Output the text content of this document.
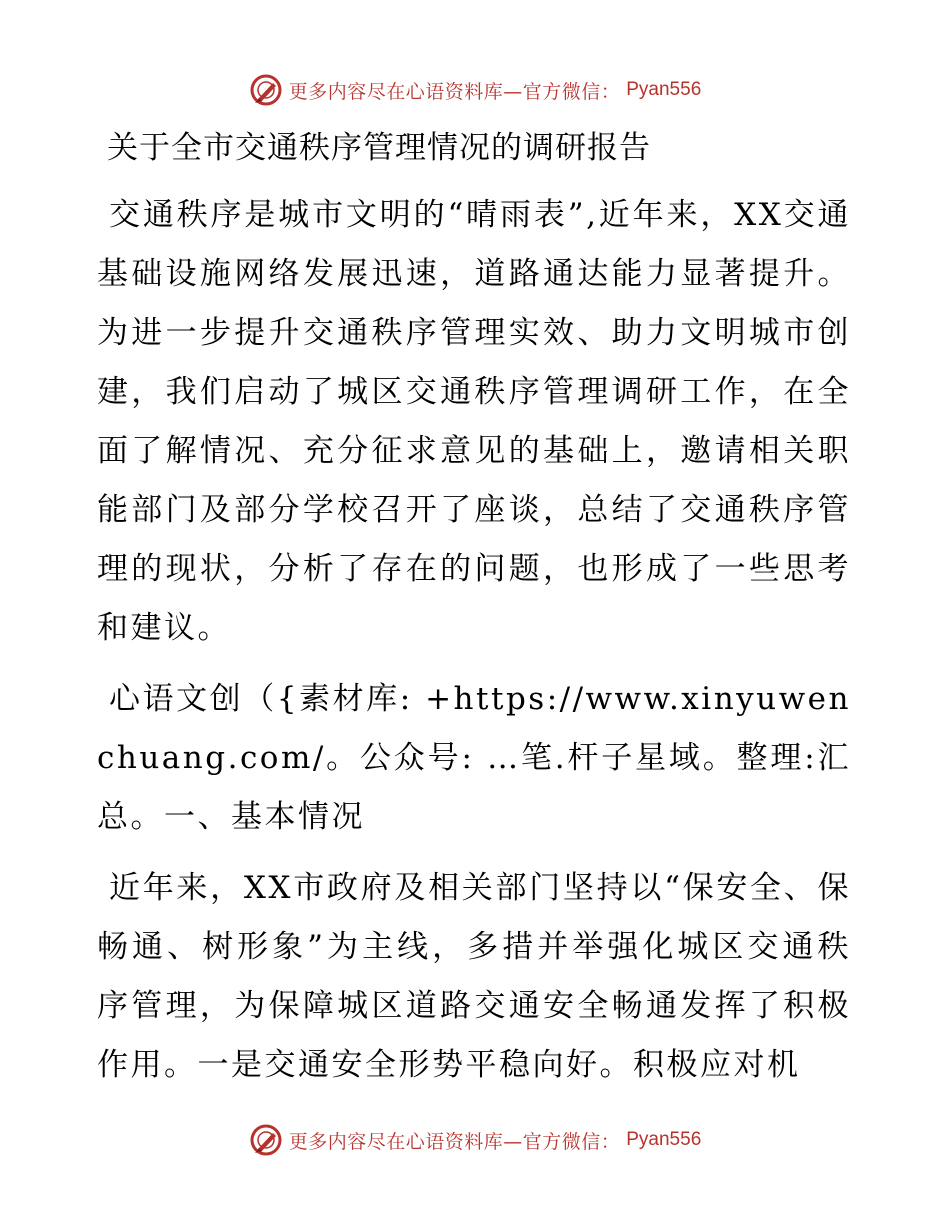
更多内容尽在心语资料库—官方微信： Pyan556
关于全市交通秩序管理情况的调研报告

交通秩序是城市文明的“晴雨表”,近年来，XX交通基础设施网络发展迅速，道路通达能力显著提升。为进一步提升交通秩序管理实效、助力文明城市创建，我们启动了城区交通秩序管理调研工作，在全面了解情况、充分征求意见的基础上，邀请相关职能部门及部分学校召开了座谈，总结了交通秩序管理的现状，分析了存在的问题，也形成了一些思考和建议。

心语文创（{素材库: +https://www.xinyuwenchuang.com/。公众号: …笔.杆子星域。整理:汇总。一、基本情况

近年来，XX市政府及相关部门坚持以“保安全、保畅通、树形象”为主线，多措并举强化城区交通秩序管理，为保障城区道路交通安全畅通发挥了积极作用。一是交通安全形势平稳向好。积极应对机

更多内容尽在心语资料库—官方微信： Pyan556
